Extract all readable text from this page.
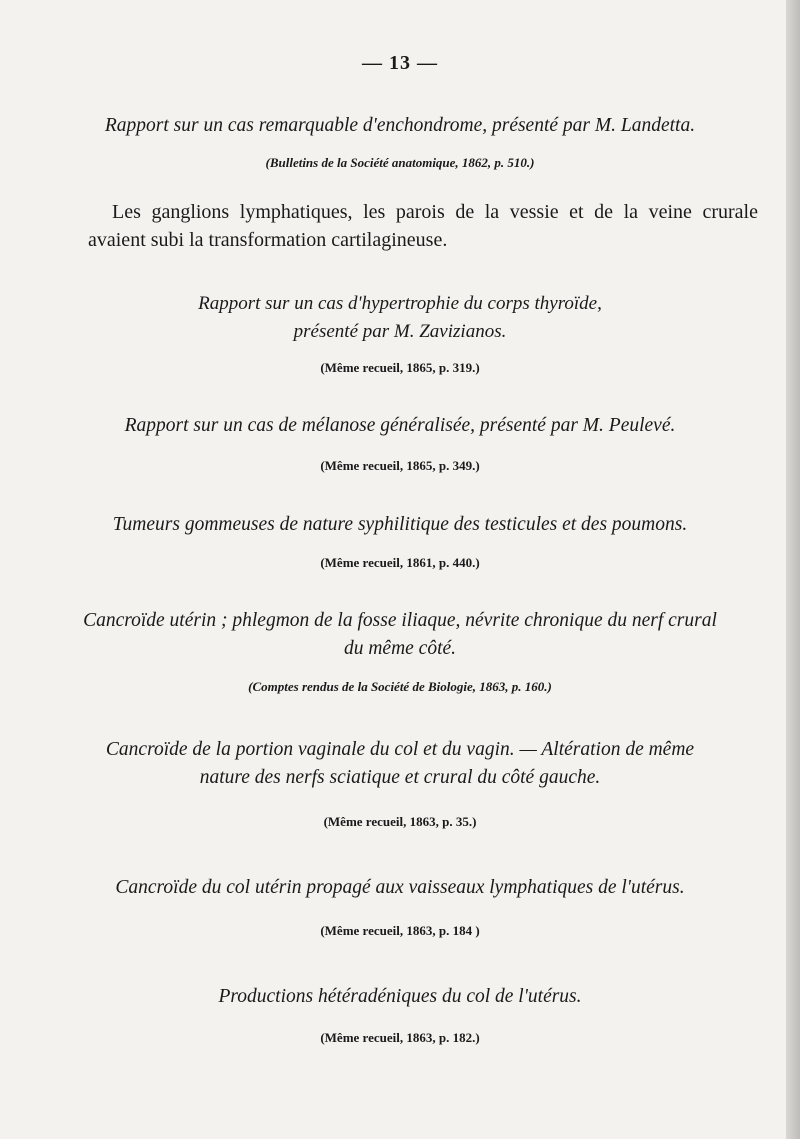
— 13 —
Rapport sur un cas remarquable d'enchondrome, présenté par M. Landetta.
(Bulletins de la Société anatomique, 1862, p. 510.)
Les ganglions lymphatiques, les parois de la vessie et de la veine crurale
avaient subi la transformation cartilagineuse.
Rapport sur un cas d'hypertrophie du corps thyroïde,
présenté par M. Zavizianos.
(Même recueil, 1865, p. 319.)
Rapport sur un cas de mélanose généralisée, présenté par M. Peulevé.
(Même recueil, 1865, p. 349.)
Tumeurs gommeuses de nature syphilitique des testicules et des poumons.
(Même recueil, 1861, p. 440.)
Cancroïde utérin ; phlegmon de la fosse iliaque, névrite chronique du nerf crural
du même côté.
(Comptes rendus de la Société de Biologie, 1863, p. 160.)
Cancroïde de la portion vaginale du col et du vagin. — Altération de même
nature des nerfs sciatique et crural du côté gauche.
(Même recueil, 1863, p. 35.)
Cancroïde du col utérin propagé aux vaisseaux lymphatiques de l'utérus.
(Même recueil, 1863, p. 184 )
Productions hétéradéniques du col de l'utérus.
(Même recueil, 1863, p. 182.)
